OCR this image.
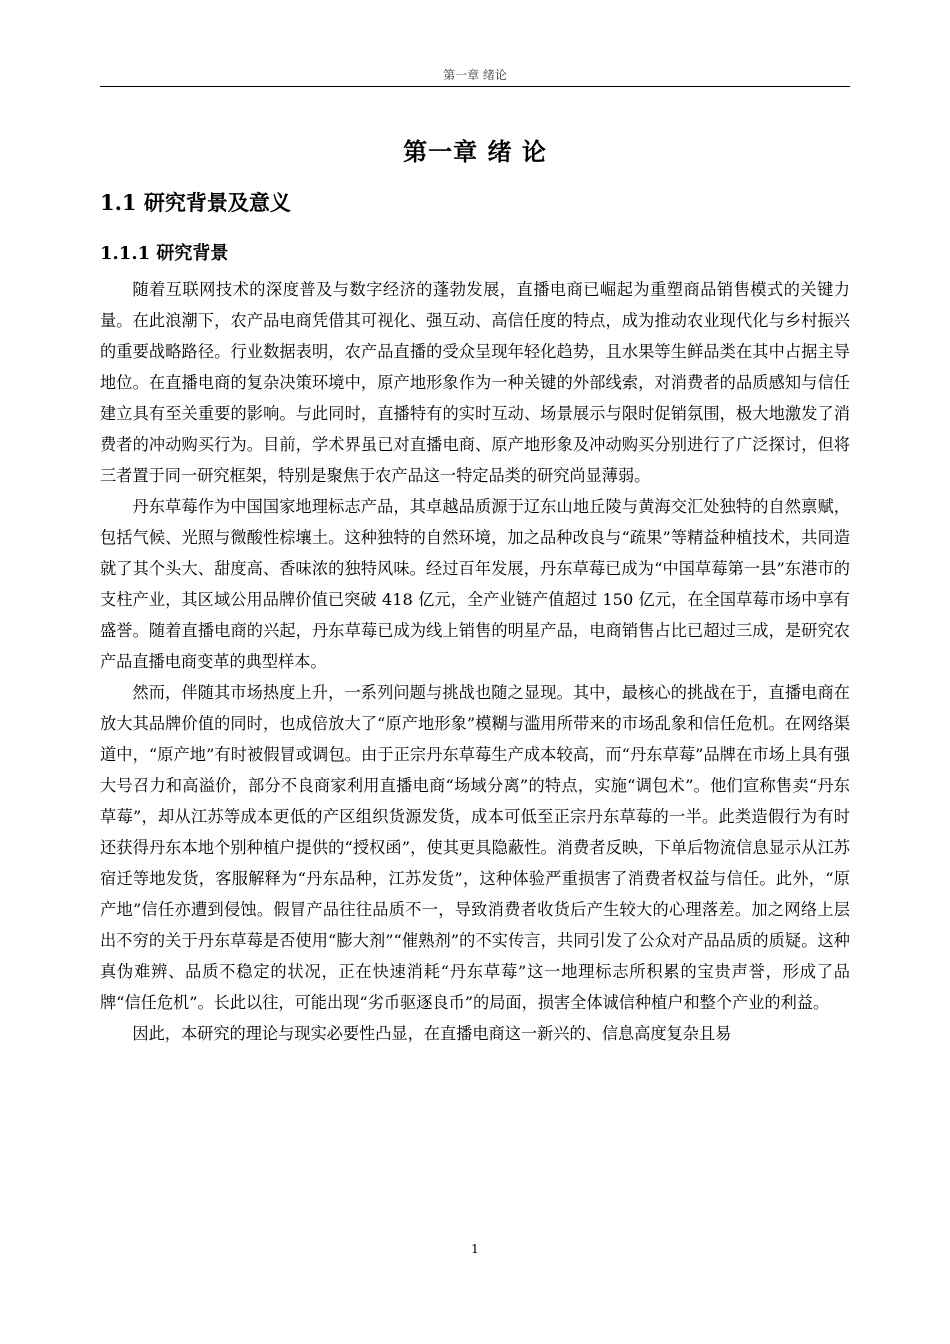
第一章 绪论
第一章 绪 论
1.1 研究背景及意义
1.1.1 研究背景

随着互联网技术的深度普及与数字经济的蓬勃发展，直播电商已崛起为重塑商品销售模式的关键力量。在此浪潮下，农产品电商凭借其可视化、强互动、高信任度的特点，成为推动农业现代化与乡村振兴的重要战略路径。行业数据表明，农产品直播的受众呈现年轻化趋势，且水果等生鲜品类在其中占据主导地位。在直播电商的复杂决策环境中，原产地形象作为一种关键的外部线索，对消费者的品质感知与信任建立具有至关重要的影响。与此同时，直播特有的实时互动、场景展示与限时促销氛围，极大地激发了消费者的冲动购买行为。目前，学术界虽已对直播电商、原产地形象及冲动购买分别进行了广泛探讨，但将三者置于同一研究框架，特别是聚焦于农产品这一特定品类的研究尚显薄弱。

丹东草莓作为中国国家地理标志产品，其卓越品质源于辽东山地丘陵与黄海交汇处独特的自然禀赋，包括气候、光照与微酸性棕壤土。这种独特的自然环境，加之品种改良与“疏果”等精益种植技术，共同造就了其个头大、甜度高、香味浓的独特风味。经过百年发展，丹东草莓已成为“中国草莓第一县”东港市的支柱产业，其区域公用品牌价值已突破 418 亿元，全产业链产值超过 150 亿元，在全国草莓市场中享有盛誉。随着直播电商的兴起，丹东草莓已成为线上销售的明星产品，电商销售占比已超过三成，是研究农产品直播电商变革的典型样本。

然而，伴随其市场热度上升，一系列问题与挑战也随之显现。其中，最核心的挑战在于，直播电商在放大其品牌价值的同时，也成倍放大了“原产地形象”模糊与滥用所带来的市场乱象和信任危机。在网络渠道中，“原产地”有时被假冒或调包。由于正宗丹东草莓生产成本较高，而“丹东草莓”品牌在市场上具有强大号召力和高溢价，部分不良商家利用直播电商“场域分离”的特点，实施“调包术”。他们宣称售卖“丹东草莓”，却从江苏等成本更低的产区组织货源发货，成本可低至正宗丹东草莓的一半。此类造假行为有时还获得丹东本地个别种植户提供的“授权函”，使其更具隐蔽性。消费者反映，下单后物流信息显示从江苏宿迁等地发货，客服解释为“丹东品种，江苏发货”，这种体验严重损害了消费者权益与信任。此外，“原产地”信任亦遭到侵蚀。假冒产品往往品质不一，导致消费者收货后产生较大的心理落差。加之网络上层出不穷的关于丹东草莓是否使用“膨大剂”“催熟剂”的不实传言，共同引发了公众对产品品质的质疑。这种真伪难辨、品质不稳定的状况，正在快速消耗“丹东草莓”这一地理标志所积累的宝贵声誉，形成了品牌“信任危机”。长此以往，可能出现“劣币驱逐良币”的局面，损害全体诚信种植户和整个产业的利益。

因此，本研究的理论与现实必要性凸显，在直播电商这一新兴的、信息高度复杂且易

1
